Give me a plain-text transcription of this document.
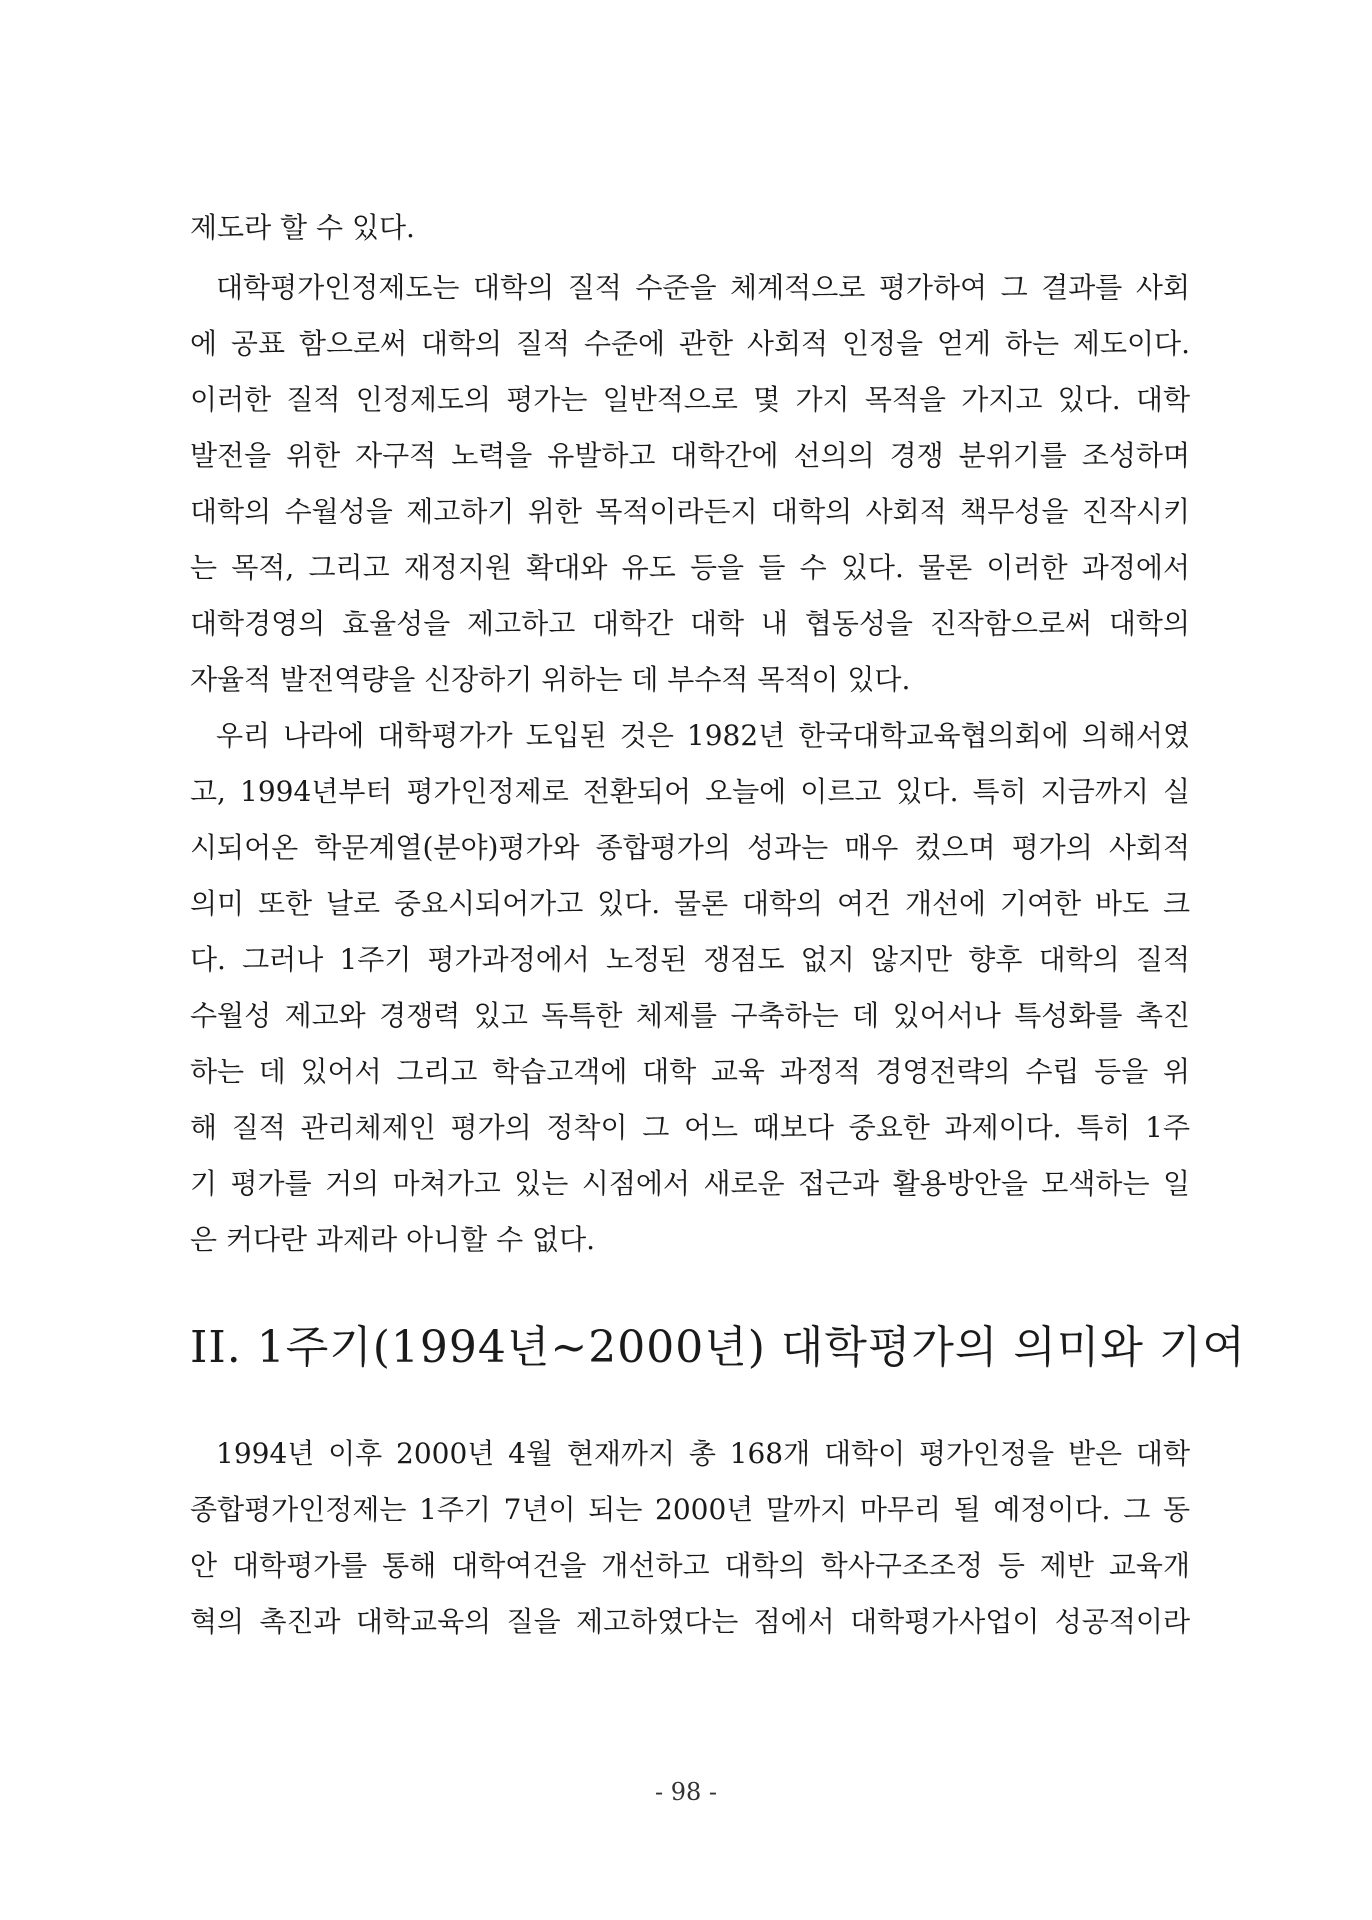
제도라 할 수 있다.
대학평가인정제도는 대학의 질적 수준을 체계적으로 평가하여 그 결과를 사회
에 공표 함으로써 대학의 질적 수준에 관한 사회적 인정을 얻게 하는 제도이다.
이러한 질적 인정제도의 평가는 일반적으로 몇 가지 목적을 가지고 있다. 대학
발전을 위한 자구적 노력을 유발하고 대학간에 선의의 경쟁 분위기를 조성하며
대학의 수월성을 제고하기 위한 목적이라든지 대학의 사회적 책무성을 진작시키
는 목적, 그리고 재정지원 확대와 유도 등을 들 수 있다. 물론 이러한 과정에서
대학경영의 효율성을 제고하고 대학간 대학 내 협동성을 진작함으로써 대학의
자율적 발전역량을 신장하기 위하는 데 부수적 목적이 있다.
우리 나라에 대학평가가 도입된 것은 1982년 한국대학교육협의회에 의해서였
고, 1994년부터 평가인정제로 전환되어 오늘에 이르고 있다. 특히 지금까지 실
시되어온 학문계열(분야)평가와 종합평가의 성과는 매우 컸으며 평가의 사회적
의미 또한 날로 중요시되어가고 있다. 물론 대학의 여건 개선에 기여한 바도 크
다. 그러나 1주기 평가과정에서 노정된 쟁점도 없지 않지만 향후 대학의 질적
수월성 제고와 경쟁력 있고 독특한 체제를 구축하는 데 있어서나 특성화를 촉진
하는 데 있어서 그리고 학습고객에 대학 교육 과정적 경영전략의 수립 등을 위
해 질적 관리체제인 평가의 정착이 그 어느 때보다 중요한 과제이다. 특히 1주
기 평가를 거의 마쳐가고 있는 시점에서 새로운 접근과 활용방안을 모색하는 일
은 커다란 과제라 아니할 수 없다.
II. 1주기(1994년∼2000년) 대학평가의 의미와 기여
1994년 이후 2000년 4월 현재까지 총 168개 대학이 평가인정을 받은 대학
종합평가인정제는 1주기 7년이 되는 2000년 말까지 마무리 될 예정이다. 그 동
안 대학평가를 통해 대학여건을 개선하고 대학의 학사구조조정 등 제반 교육개
혁의 촉진과 대학교육의 질을 제고하였다는 점에서 대학평가사업이 성공적이라
- 98 -
